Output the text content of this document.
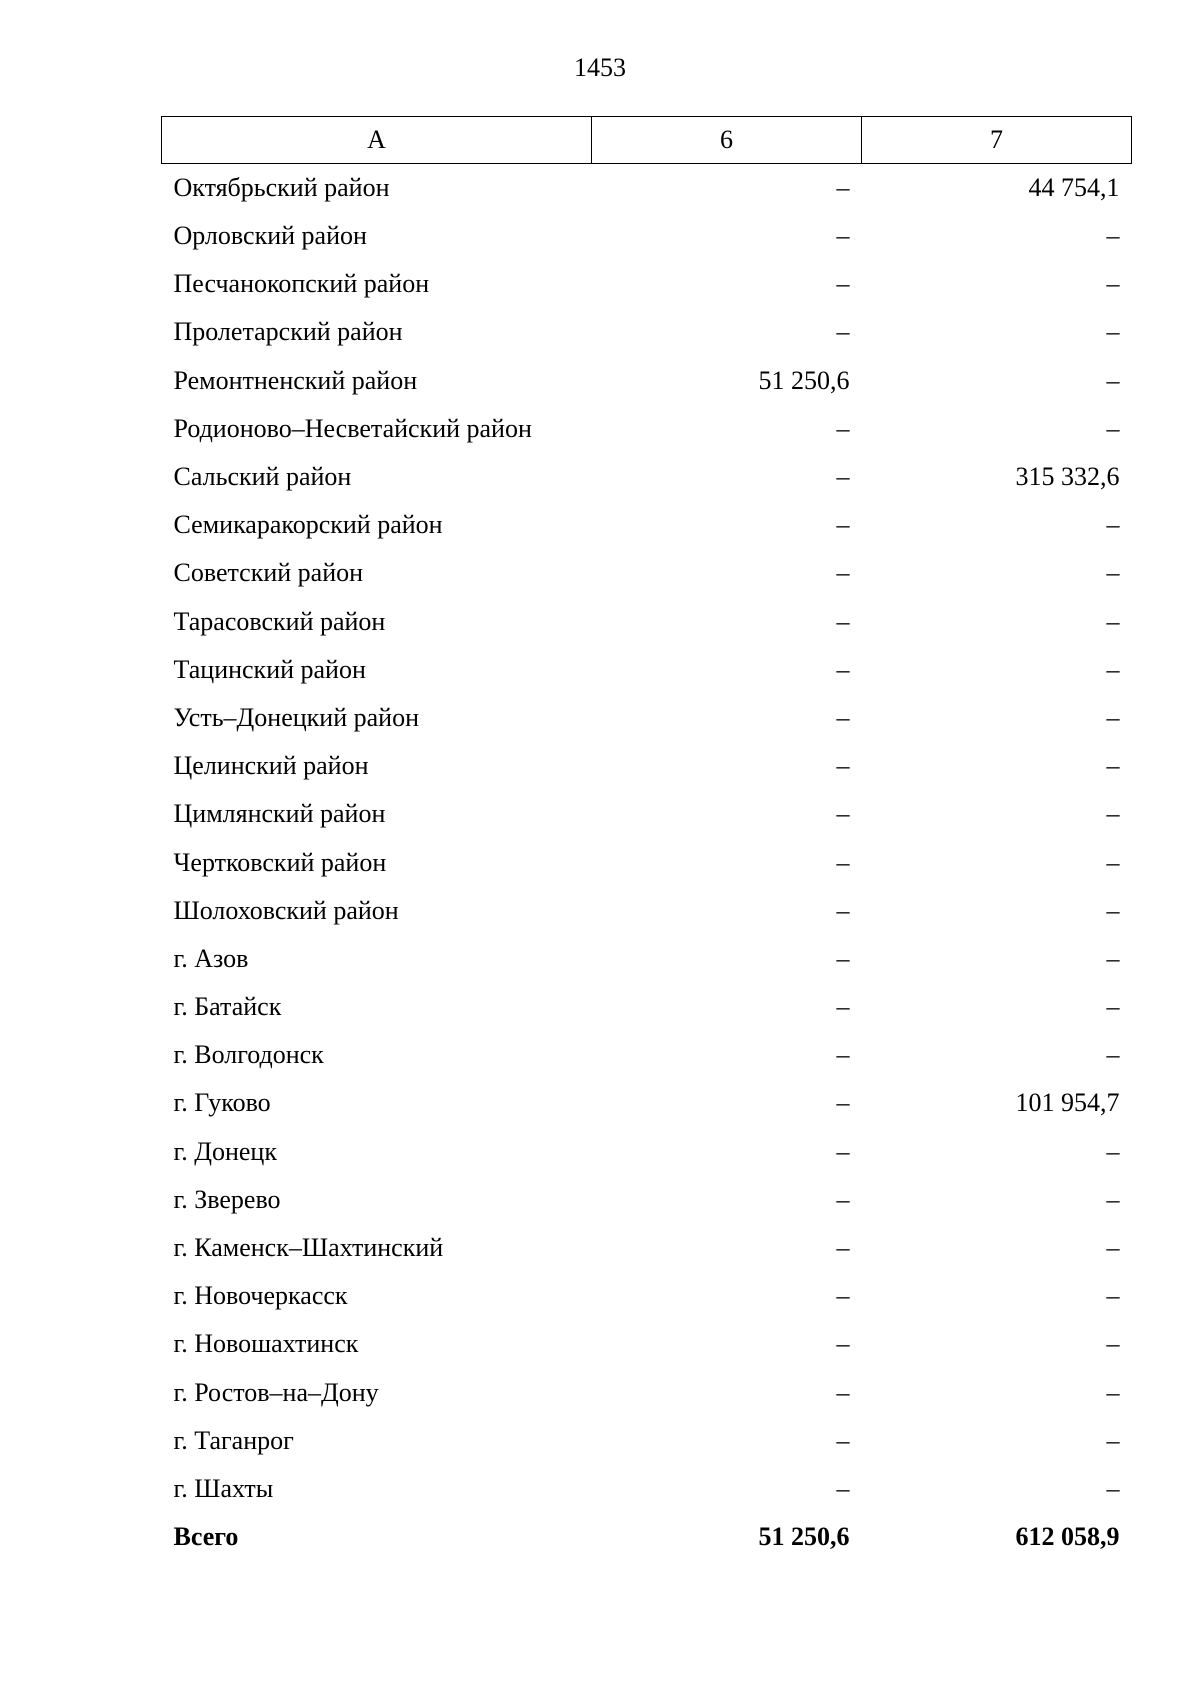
1453
А	6	7
Октябрьский район	–	44 754,1
Орловский район	–	–
Песчанокопский район	–	–
Пролетарский район	–	–
Ремонтненский район	51 250,6	–
Родионово–Несветайский район	–	–
Сальский район	–	315 332,6
Семикаракорский район	–	–
Советский район	–	–
Тарасовский район	–	–
Тацинский район	–	–
Усть–Донецкий район	–	–
Целинский район	–	–
Цимлянский район	–	–
Чертковский район	–	–
Шолоховский район	–	–
г. Азов	–	–
г. Батайск	–	–
г. Волгодонск	–	–
г. Гуково	–	101 954,7
г. Донецк	–	–
г. Зверево	–	–
г. Каменск–Шахтинский	–	–
г. Новочеркасск	–	–
г. Новошахтинск	–	–
г. Ростов–на–Дону	–	–
г. Таганрог	–	–
г. Шахты	–	–
Всего	51 250,6	612 058,9
